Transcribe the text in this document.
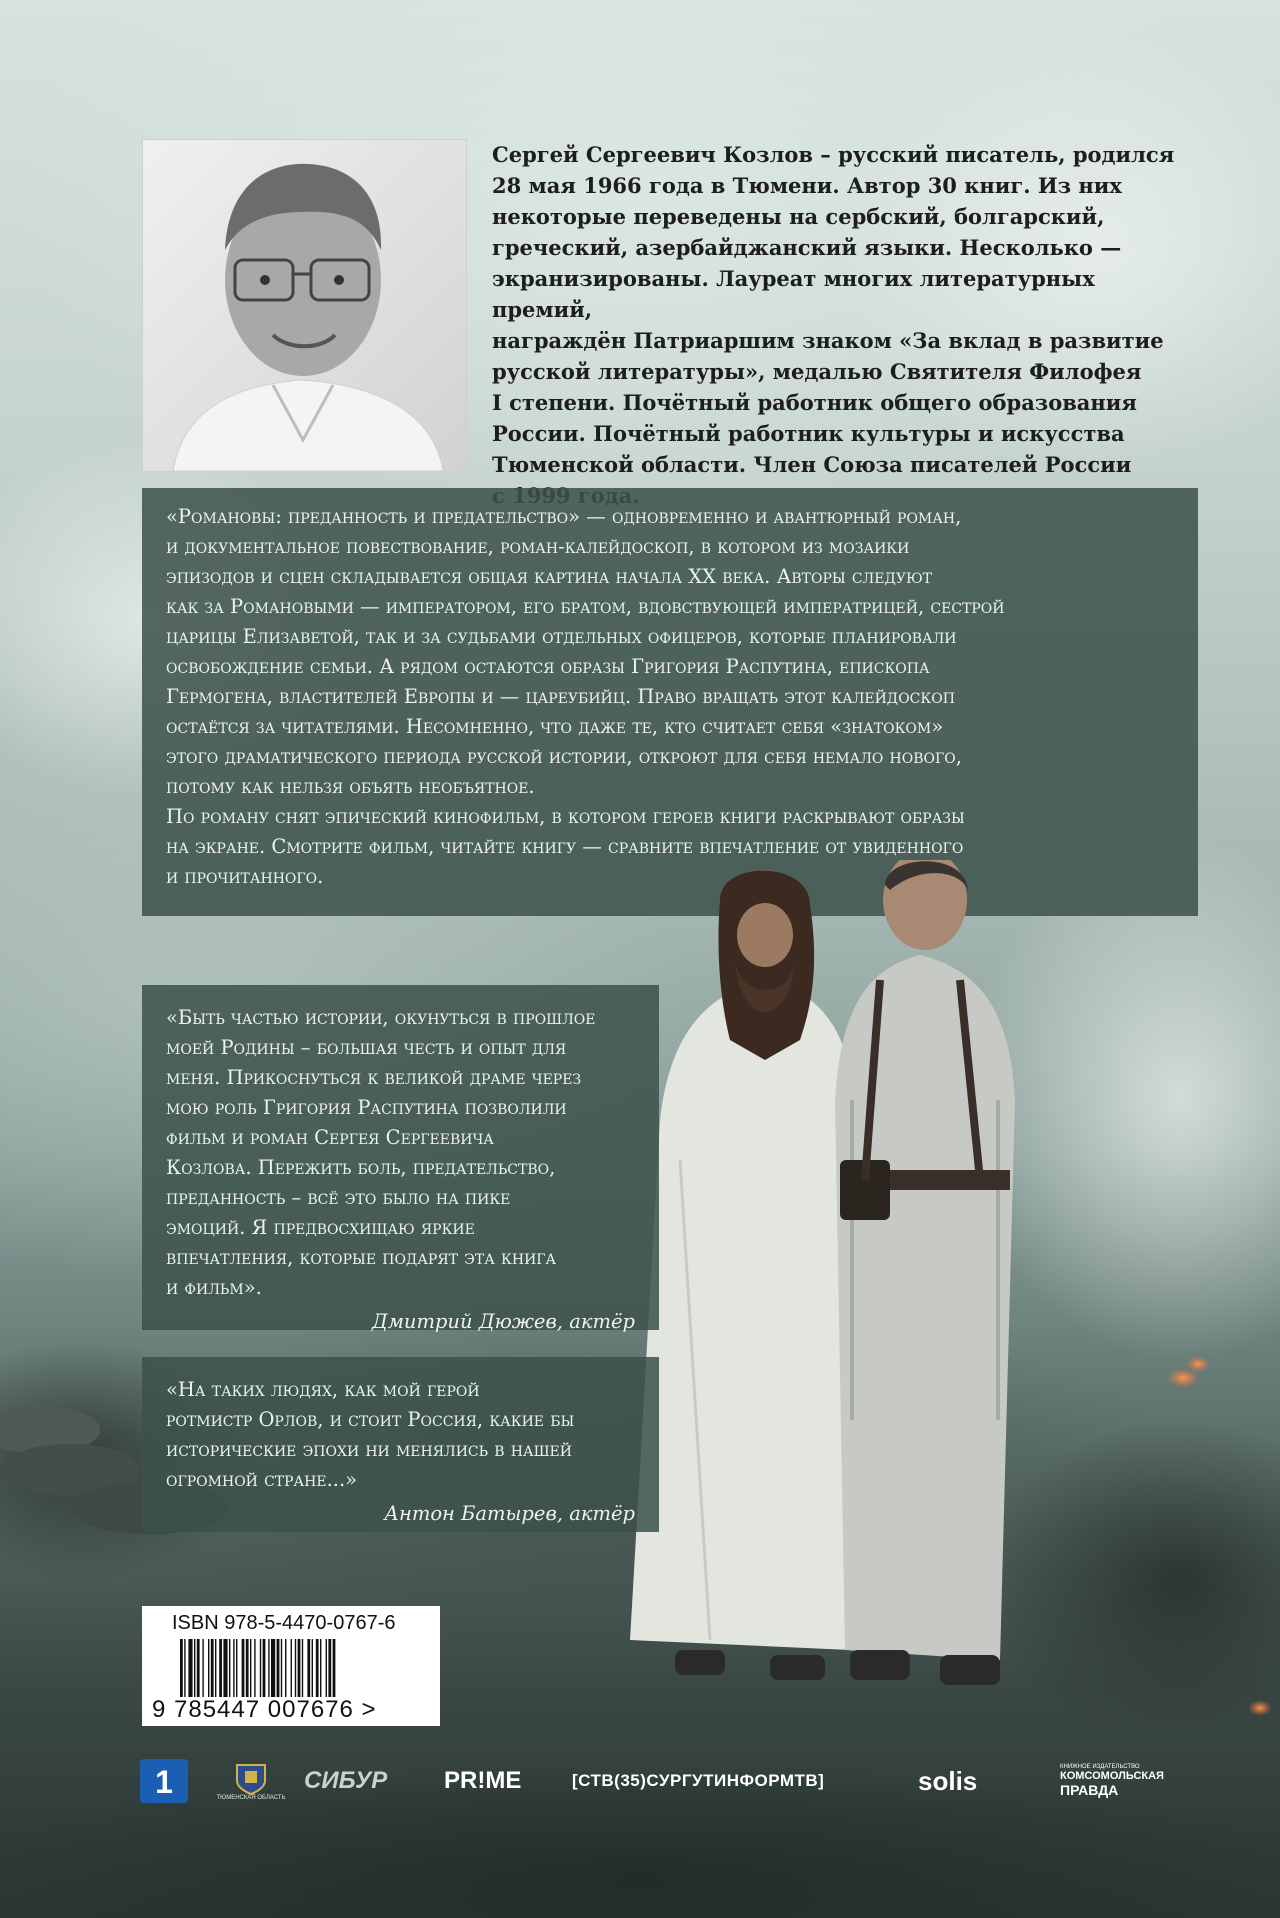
Сергей Сергеевич Козлов – русский писатель, родился
28 мая 1966 года в Тюмени. Автор 30 книг. Из них
некоторые переведены на сербский, болгарский,
греческий, азербайджанский языки. Несколько —
экранизированы. Лауреат многих литературных премий,
награждён Патриаршим знаком «За вклад в развитие
русской литературы», медалью Святителя Филофея
I степени. Почётный работник общего образования
России. Почётный работник культуры и искусства
Тюменской области. Член Союза писателей России

«Романовы: преданность и предательство» — одновременно и авантюрный роман,
и документальное повествование, роман-калейдоскоп, в котором из мозаики
эпизодов и сцен складывается общая картина начала XX века. Авторы следуют
как за Романовыми — императором, его братом, вдовствующей императрицей, сестрой
царицы Елизаветой, так и за судьбами отдельных офицеров, которые планировали
освобождение семьи. А рядом остаются образы Григория Распутина, епископа
Гермогена, властителей Европы и — цареубийц. Право вращать этот калейдоскоп
остаётся за читателями. Несомненно, что даже те, кто считает себя «знатоком»
этого драматического периода русской истории, откроют для себя немало нового,
потому как нельзя объять необъятное.

По роману снят эпический кинофильм, в котором героев книги раскрывают образы
на экране. Смотрите фильм, читайте книгу — сравните впечатление от увиденного
и прочитанного.

«Быть частью истории, окунуться в прошлое
моей Родины – большая честь и опыт для
меня. Прикоснуться к великой драме через
мою роль Григория Распутина позволили
фильм и роман Сергея Сергеевича
Козлова. Пережить боль, предательство,
преданность – всё это было на пике
эмоций. Я предвосхищаю яркие
впечатления, которые подарят эта книга
и фильм».

Дмитрий Дюжев, актёр

«На таких людях, как мой герой
ротмистр Орлов, и стоит Россия, какие бы
исторические эпохи ни менялись в нашей
огромной стране...»

Антон Батырев, актёр
ISBN 978-5-4470-0767-6
9 785447 007676 >
1	ТЮМЕНСКАЯ ОБЛАСТЬ
СИБУР PR!ME	[СТВ(35)СУРГУТИНФОРМТВ]	solis	КНИЖНОЕ ИЗДАТЕЛЬСТВО
КОМСОМОЛЬСКАЯ
ПРАВДА
